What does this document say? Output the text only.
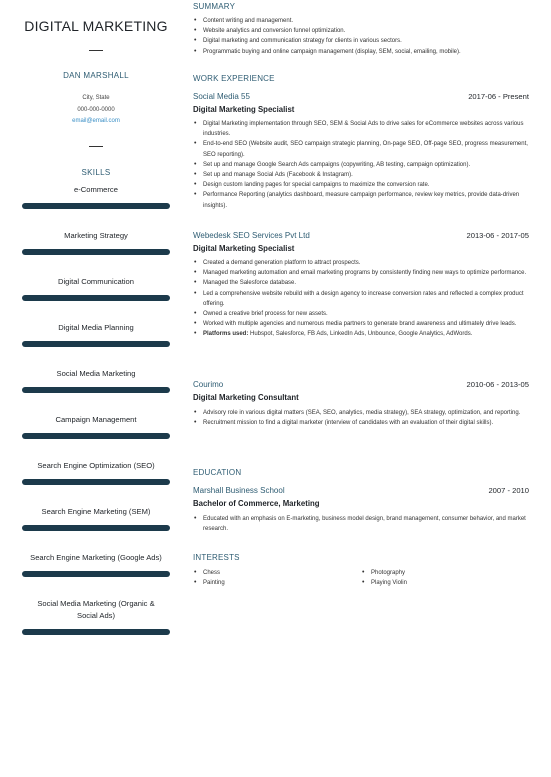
DIGITAL MARKETING
DAN MARSHALL
City, State
000-000-0000
email@email.com
SKILLS
e-Commerce
Marketing Strategy
Digital Communication
Digital Media Planning
Social Media Marketing
Campaign Management
Search Engine Optimization (SEO)
Search Engine Marketing (SEM)
Search Engine Marketing (Google Ads)
Social Media Marketing (Organic &
Social Ads)
SUMMARY
• Content writing and management.
• Website analytics and conversion funnel optimization.
• Digital marketing and communication strategy for clients in various sectors.
• Programmatic buying and online campaign management (display, SEM, social, emailing, mobile).
WORK EXPERIENCE
Social Media 55	2017-06 - Present
Digital Marketing Specialist
• Digital Marketing implementation through SEO, SEM & Social Ads to drive sales for eCommerce websites across various industries.
• End-to-end SEO (Website audit, SEO campaign strategic planning, On-page SEO, Off-page SEO, progress measurement, SEO reporting).
• Set up and manage Google Search Ads campaigns (copywriting, AB testing, campaign optimization).
• Set up and manage Social Ads (Facebook & Instagram).
• Design custom landing pages for special campaigns to maximize the conversion rate.
• Performance Reporting (analytics dashboard, measure campaign performance, review key metrics, provide data-driven insights).
Webedesk SEO Services Pvt Ltd	2013-06 - 2017-05
Digital Marketing Specialist
• Created a demand generation platform to attract prospects.
• Managed marketing automation and email marketing programs by consistently finding new ways to optimize performance.
• Managed the Salesforce database.
• Led a comprehensive website rebuild with a design agency to increase conversion rates and reflected a complex product offering.
• Owned a creative brief process for new assets.
• Worked with multiple agencies and numerous media partners to generate brand awareness and ultimately drive leads.
• Platforms used: Hubspot, Salesforce, FB Ads, LinkedIn Ads, Unbounce, Google Analytics, AdWords.
Courimo	2010-06 - 2013-05
Digital Marketing Consultant
• Advisory role in various digital matters (SEA, SEO, analytics, media strategy), SEA strategy, optimization, and reporting.
• Recruitment mission to find a digital marketer (interview of candidates with an evaluation of their digital skills).
EDUCATION
Marshall Business School	2007 - 2010
Bachelor of Commerce, Marketing
• Educated with an emphasis on E-marketing, business model design, brand management, consumer behavior, and market research.
INTERESTS
• Chess	• Photography
• Painting	• Playing Violin
